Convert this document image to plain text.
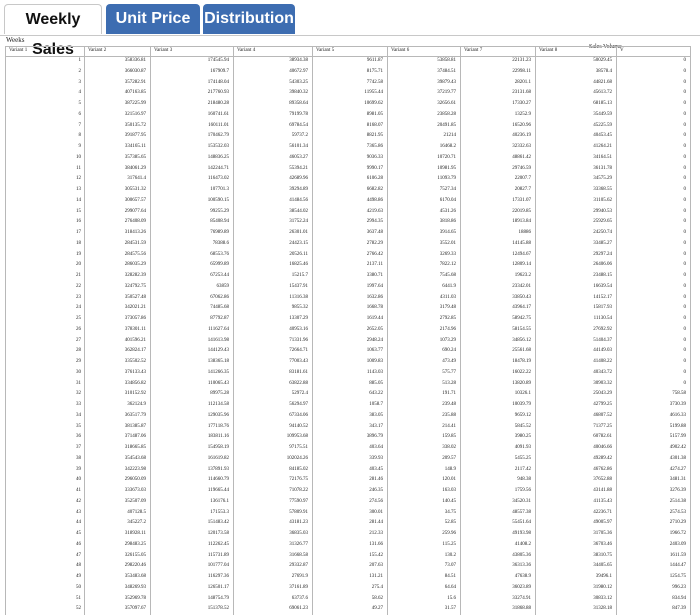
Weekly Sales
Unit Price Distribution
Weeks
Sales Volume
Variant 1	Variant 2	Variant 3	Variant 4	Variant 5	Variant 6	Variant 7	Variant 8	V
1	358336.81	174545.94	38934.38	9611.87	53858.81	22131.23	50029.45	0
2	366030.87	167909.7	40672.97	8175.71	37484.51	22998.11	38578.4	0
3	357282.91	174148.04	54303.25	7742.58	39879.43	28201.1	44821.68	0
4	407163.85	217760.93	39840.32	11955.44	37219.77	23131.68	45613.72	0
5	387225.99	218480.28	89358.64	10699.62	32656.61	17330.27	68185.13	0
6	321516.97	160741.61	79199.78	8981.05	23858.28	13252.9	35449.59	0
7	350135.72	160111.01	69784.54	8168.07	20491.85	16520.96	45225.59	0
8	391877.95	170462.79	59737.2	8821.95	21214	40236.19	40453.45	0
9	334165.11	153532.03	56101.34	7365.86	16468.2	32332.63	41264.21	0
10	357385.65	148836.25	46053.27	9036.33	10720.71	48861.42	34164.51	0
11	384061.29	142244.71	55394.21	9990.17	10981.95	29746.59	36131.78	0
12	317641.4	116473.02	42689.96	6106.28	11093.79	22007.7	34575.29	0
13	305531.32	107701.3	39294.89	6682.82	7527.34	20827.7	33368.55	0
14	300657.57	100590.15	41484.56	4498.86	6170.04	17331.07	31105.62	0
15	299077.64	99255.29	38544.02	4219.63	4531.26	22019.85	29940.53	0
16	276408.09	85408.94	31752.24	2994.35	3818.86	18913.84	25929.65	0
17	318413.26	76989.89	26301.01	3637.48	3914.65	18886	24250.74	0
18	284531.59	78388.6	24423.15	2782.29	3552.01	14145.88	33485.27	0
19	284575.56	68553.76	20526.11	2766.42	3269.33	12494.67	29297.24	0
20	286035.29	65999.89	16825.46	2137.11	7822.12	12809.14	26406.06	0
21	328282.39	67253.44	15215.7	3380.71	7545.68	19623.2	23488.15	0
22	324792.75	63859	15437.91	1997.64	6441.9	23342.01	16639.54	0
23	350527.48	67062.86	11316.38	1632.86	4311.03	33850.43	14152.17	0
24	342021.21	74485.68	9855.32	1668.78	3179.48	43964.17	15817.93	0
25	373057.86	87792.87	13307.29	1619.44	2792.85	58942.75	11130.54	0
26	378301.11	111627.64	40953.16	2652.05	2174.96	58154.55	27692.92	0
27	401596.21	141613.98	71331.96	2948.24	1073.29	34856.12	51404.37	0
28	362824.17	144129.43	72664.71	1063.77	690.24	25561.68	44149.03	0
29	335502.52	138365.18	77003.43	1009.83	473.49	18478.19	41408.22	0
30	376133.43	141266.35	83181.61	1143.03	575.77	16022.22	40343.72	0
31	334856.82	110065.43	63822.88	885.05	513.28	13820.89	30903.32	0
32	310152.92	89975.28	52972.4	643.22	191.71	10326.1	25043.29	758.58
33	362124.9	112134.58	56294.97	1058.7	239.48	10039.79	42799.25	3730.39
34	363517.79	129035.96	67334.06	383.05	235.88	9659.12	46807.52	4616.33
35	381385.87	177118.76	94140.52	343.17	214.41	5845.52	71377.25	5199.88
36	371487.06	183811.16	109953.68	3896.79	159.85	3980.25	60782.61	5157.99
37	318665.85	154958.19	97175.51	403.64	338.02	4091.93	40046.66	4902.42
38	354543.68	161619.82	102024.26	339.93	209.57	5455.25	49289.42	4301.38
39	342223.98	137891.93	84185.02	403.45	148.9	2117.42	46762.86	4274.27
40	296050.09	114660.79	72176.75	281.46	120.01	948.38	37652.88	3481.31
41	333673.03	119665.44	71078.22	246.35	163.03	1759.56	43141.88	3276.39
42	352507.09	136176.1	77590.97	274.56	140.45	34520.31	41135.43	2514.38
43	407128.5	171553.3	57809.91	300.01	34.75	48557.38	42236.71	2574.53
44	345227.2	151483.42	43181.23	281.44	52.85	55451.64	49005.97	2710.29
45	318928.11	120173.58	36835.03	212.33	259.96	49193.98	31705.36	1966.72
46	298483.25	112262.45	31326.77	131.66	115.25	41408.2	36703.46	2403.09
47	326155.05	115731.89	31668.58	155.42	130.2	43805.36	38310.75	1611.59
48	298220.46	101777.04	29332.87	207.63	73.07	36313.36	34405.65	1444.47
49	353483.68	116297.36	27691.9	131.21	84.51	47638.9	39496.1	1254.75
50	348269.93	126501.17	37161.89	275.4	64.64	36023.89	31980.12	996.23
51	352969.78	148754.79	63737.6	58.62	15.6	33274.91	30833.12	834.94
52	357097.67	151378.52	69061.23	49.27	31.57	31868.88	31328.18	847.39
